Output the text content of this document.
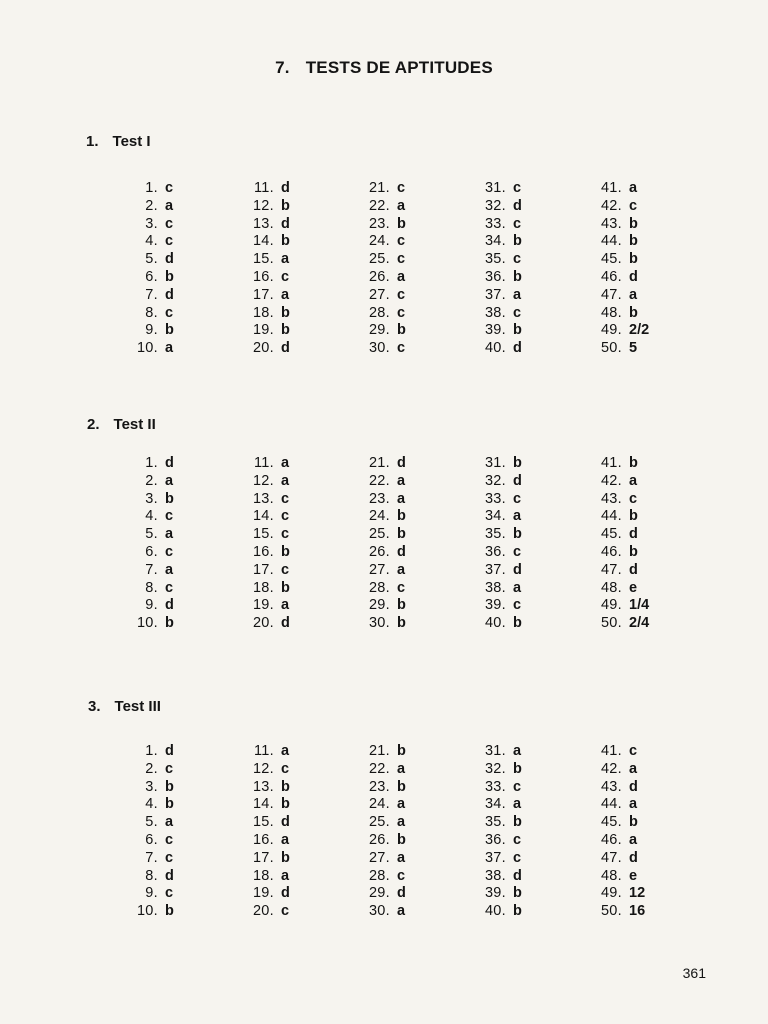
7. TESTS DE APTITUDES
1. Test I
1. c
2. a
3. c
4. c
5. d
6. b
7. d
8. c
9. b
10. a
11. d
12. b
13. d
14. b
15. a
16. c
17. a
18. b
19. b
20. d
21. c
22. a
23. b
24. c
25. c
26. a
27. c
28. c
29. b
30. c
31. c
32. d
33. c
34. b
35. c
36. b
37. a
38. c
39. b
40. d
41. a
42. c
43. b
44. b
45. b
46. d
47. a
48. b
49. 2/2
50. 5
2. Test II
1. d
2. a
3. b
4. c
5. a
6. c
7. a
8. c
9. d
10. b
11. a
12. a
13. c
14. c
15. c
16. b
17. c
18. b
19. a
20. d
21. d
22. a
23. a
24. b
25. b
26. d
27. a
28. c
29. b
30. b
31. b
32. d
33. c
34. a
35. b
36. c
37. d
38. a
39. c
40. b
41. b
42. a
43. c
44. b
45. d
46. b
47. d
48. e
49. 1/4
50. 2/4
3. Test III
1. d
2. c
3. b
4. b
5. a
6. c
7. c
8. d
9. c
10. b
11. a
12. c
13. b
14. b
15. d
16. a
17. b
18. a
19. d
20. c
21. b
22. a
23. b
24. a
25. a
26. b
27. a
28. c
29. d
30. a
31. a
32. b
33. c
34. a
35. b
36. c
37. c
38. d
39. b
40. b
41. c
42. a
43. d
44. a
45. b
46. a
47. d
48. e
49. 12
50. 16
361
